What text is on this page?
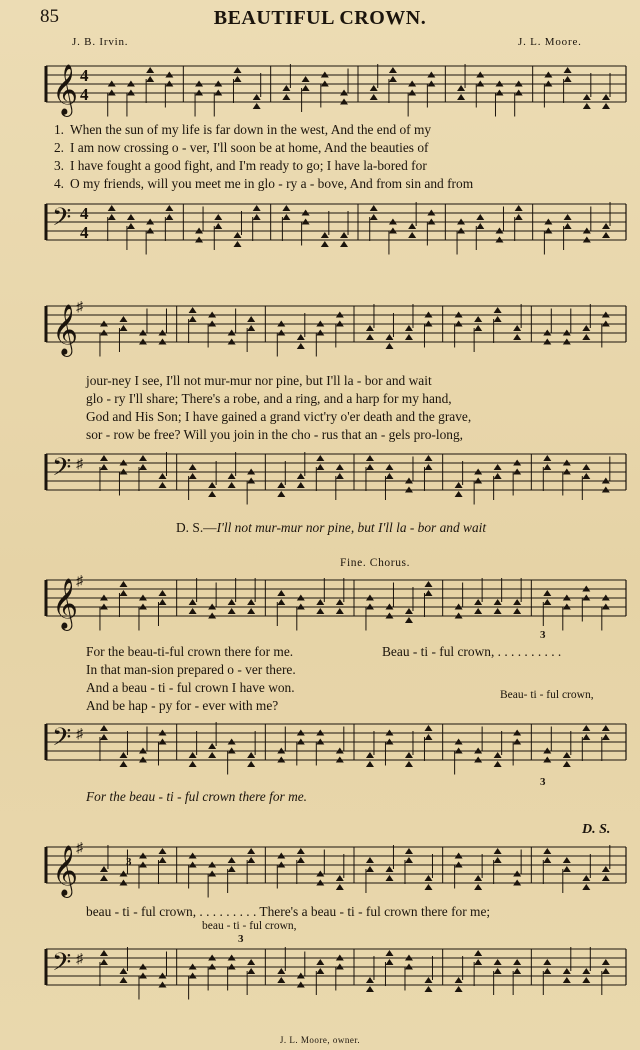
85	BEAUTIFUL CROWN.
J. B. Irvin.	J. L. Moore.
𝄞 4
4
1. When the sun of my life is far down in the west, And the end of my
2. I am now crossing o - ver, I'll soon be at home, And the beauties of
3. I have fought a good fight, and I'm ready to go; I have la-bored for
4. O my friends, will you meet me in glo - ry a - bove, And from sin and from
𝄢 4
4
𝄞
♯
jour-ney I see, I'll not mur-mur nor pine, but I'll la - bor and wait
glo - ry I'll share; There's a robe, and a ring, and a harp for my hand,
God and His Son; I have gained a grand vict'ry o'er death and the grave,
sor - row be free? Will you join in the cho - rus that an - gels pro-long,
𝄢 ♯
D. S.—I'll not mur-mur nor pine, but I'll la - bor and wait
Fine. Chorus.
𝄞
♯
For the beau-ti-ful crown there for me.
In that man-sion prepared o - ver there.
And a beau - ti - ful crown I have won.
And be hap - py for - ever with me?
Beau - ti - ful crown, . . . . . . . . . .
Beau- ti - ful crown,
𝄢 ♯
For the beau - ti - ful crown there for me.
D. S.
𝄞
♯
beau - ti - ful crown, . . . . . . . . . There's a beau - ti - ful crown there for me;
beau - ti - ful crown,
𝄢 ♯
3
3
3
3
J. L. Moore, owner.
